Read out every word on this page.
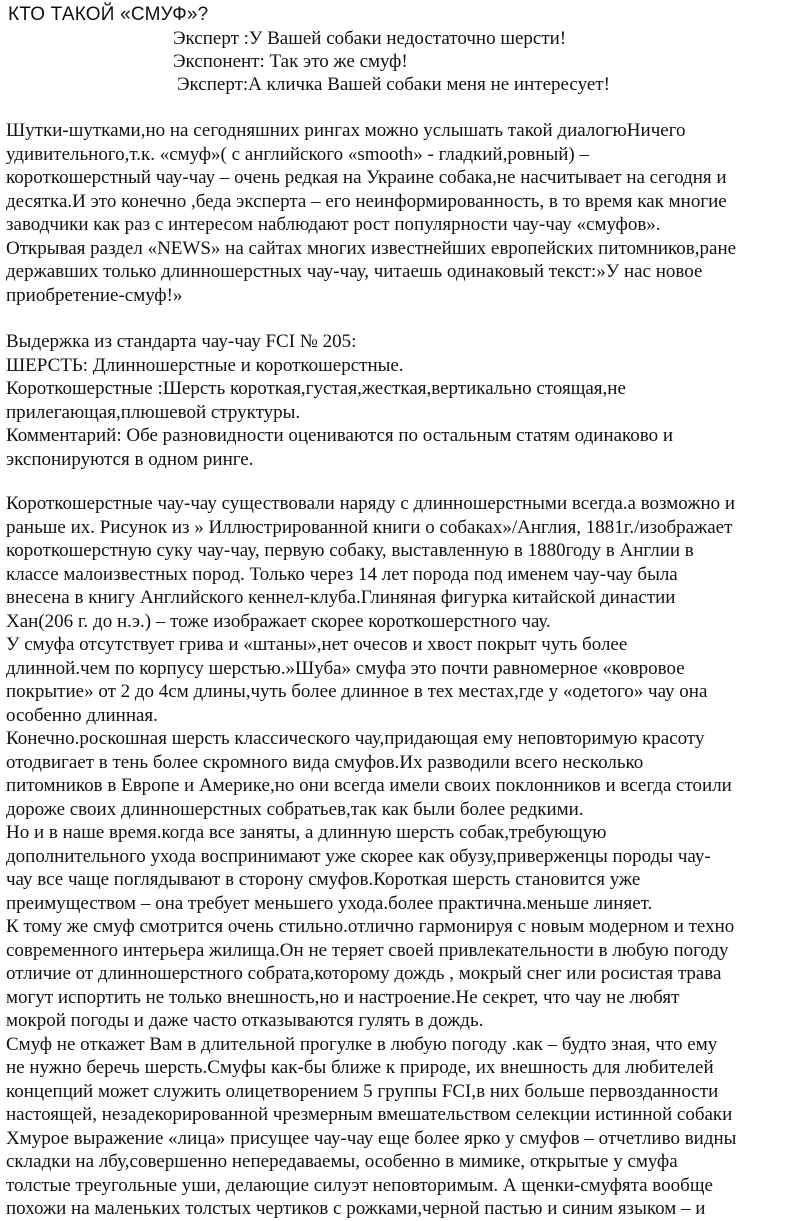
КТО ТАКОЙ «СМУФ»?
Эксперт :У Вашей собаки недостаточно шерсти!
Экспонент: Так это же смуф!
Эксперт:А кличка Вашей собаки меня не интересует!
Шутки-шутками,но на сегодняшних рингах можно услышать такой диалогюНичего
удивительного,т.к. «смуф»( с английского «smooth» - гладкий,ровный) –
короткошерстный чау-чау – очень редкая на Украине собака,не насчитывает на сегодня и
десятка.И это конечно ,беда эксперта – его неинформированность, в то время как многие
заводчики как раз с интересом наблюдают рост популярности чау-чау «смуфов».
Открывая раздел «NEWS» на сайтах многих известнейших европейских питомников,ране
державших только длинношерстных чау-чау, читаешь одинаковый текст:»У нас новое
приобретение-смуф!»
Выдержка из стандарта чау-чау FCI № 205:
ШЕРСТЬ: Длинношерстные и короткошерстные.
Короткошерстные :Шерсть короткая,густая,жесткая,вертикально стоящая,не
прилегающая,плюшевой структуры.
Комментарий: Обе разновидности оцениваются по остальным статям одинаково и
экспонируются в одном ринге.
Короткошерстные чау-чау существовали наряду с длинношерстными всегда.а возможно и
раньше их. Рисунок из » Иллюстрированной книги о собаках»/Англия, 1881г./изображает
короткошерстную суку чау-чау, первую собаку, выставленную в 1880году в Англии в
классе малоизвестных пород. Только через 14 лет порода под именем чау-чау была
внесена в книгу Английского кеннел-клуба.Глиняная фигурка китайской династии
Хан(206 г. до н.э.) – тоже изображает скорее короткошерстного чау.
У смуфа отсутствует грива и «штаны»,нет очесов и хвост покрыт чуть более
длинной.чем по корпусу шерстью.»Шуба» смуфа это почти равномерное «ковровое
покрытие» от 2 до 4см длины,чуть более длинное в тех местах,где у «одетого» чау она
особенно длинная.
Конечно.роскошная шерсть классического чау,придающая ему неповторимую красоту
отодвигает в тень более скромного вида смуфов.Их разводили всего несколько
питомников в Европе и Америке,но они всегда имели своих поклонников и всегда стоили
дороже своих длинношерстных собратьев,так как были более редкими.
Но и в наше время.когда все заняты, а длинную шерсть собак,требующую
дополнительного ухода воспринимают уже скорее как обузу,приверженцы породы чау-
чау все чаще поглядывают в сторону смуфов.Короткая шерсть становится уже
преимуществом – она требует меньшего ухода.более практична.меньше линяет.
К тому же смуф смотрится очень стильно.отлично гармонируя с новым модерном и техно
современного интерьера жилища.Он не теряет своей привлекательности в любую погоду
отличие от длинношерстного собрата,которому дождь , мокрый снег или росистая трава
могут испортить не только внешность,но и настроение.Не секрет, что чау не любят
мокрой погоды и даже часто отказываются гулять в дождь.
Смуф не откажет Вам в длительной прогулке в любую погоду .как – будто зная, что ему
не нужно беречь шерсть.Смуфы как-бы ближе к природе, их внешность для любителей
концепций может служить олицетворением 5 группы FCI,в них больше первозданности
настоящей, незадекорированной чрезмерным вмешательством селекции истинной собаки
Хмурое выражение «лица» присущее чау-чау еще более ярко у смуфов – отчетливо видны
складки на лбу,совершенно непередаваемы, особенно в мимике, открытые у смуфа
толстые треугольные уши, делающие силуэт неповторимым. А щенки-смуфята вообще
похожи на маленьких толстых чертиков с рожками,черной пастью и синим языком – и
